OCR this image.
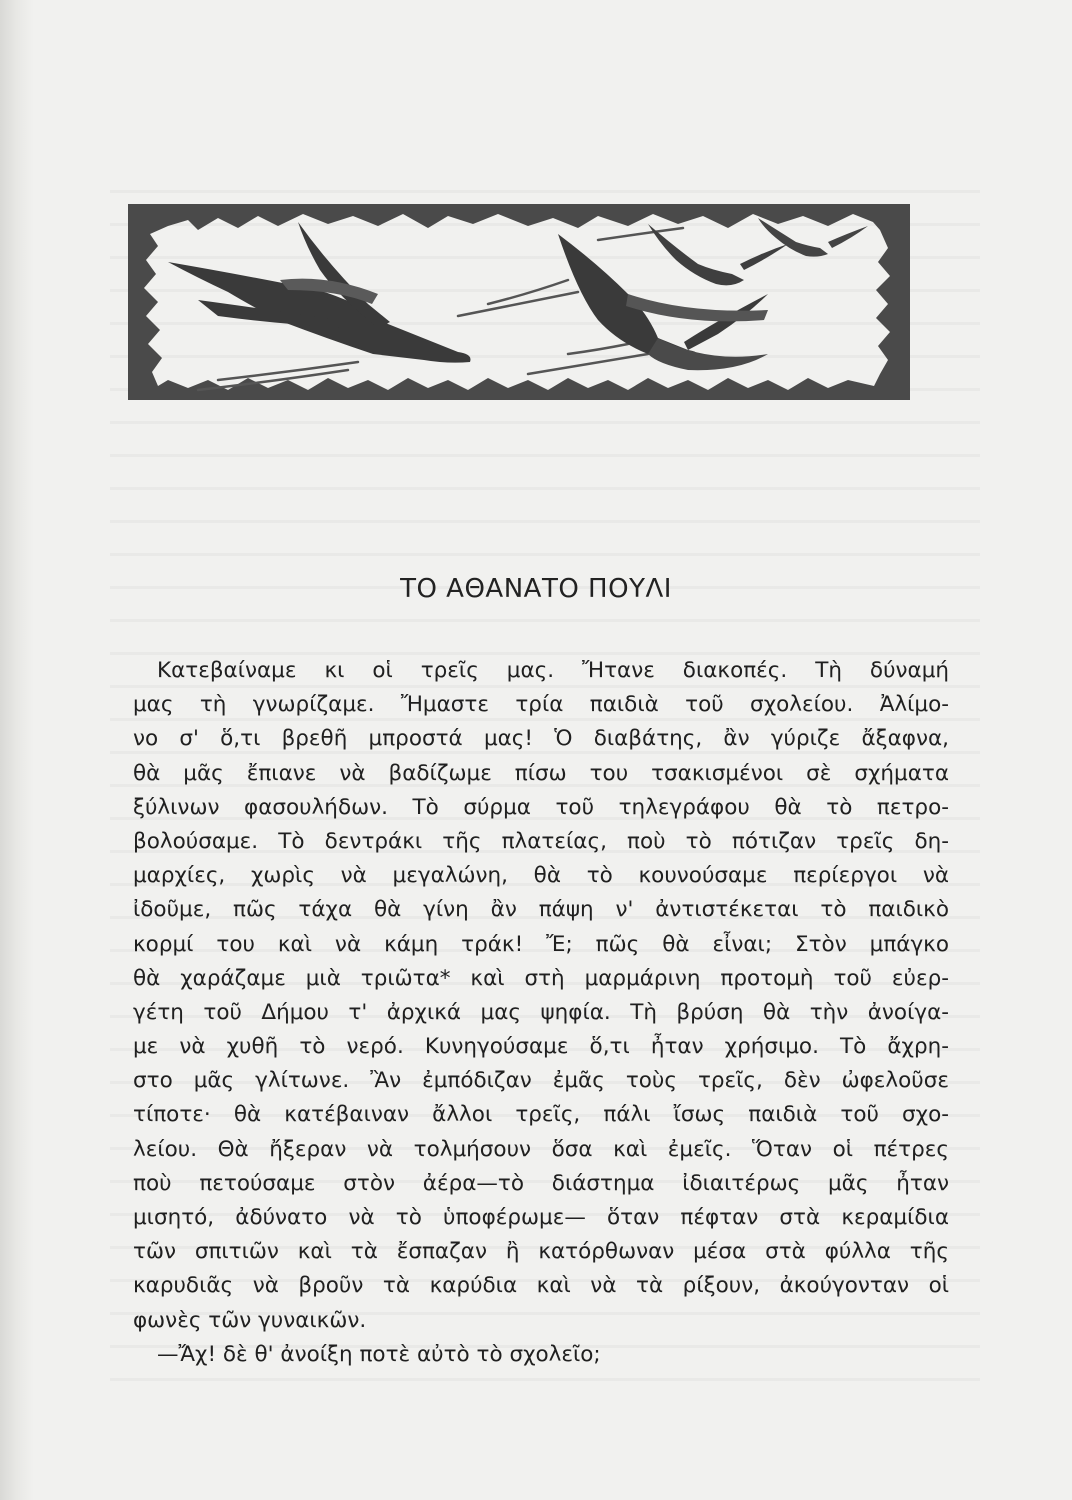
ΤΟ ΑΘΑΝΑΤΟ ΠΟΥΛΙ
Κατεβαίναμε κι οἱ τρεῖς μας. Ἤτανε διακοπές. Τὴ δύναμή
μας τὴ γνωρίζαμε. Ἤμαστε τρία παιδιὰ τοῦ σχολείου. Ἀλίμο-
νο σ' ὅ,τι βρεθῆ μπροστά μας! Ὁ διαβάτης, ἂν γύριζε ἄξαφνα,
θὰ μᾶς ἔπιανε νὰ βαδίζωμε πίσω του τσακισμένοι σὲ σχήματα
ξύλινων φασουλήδων. Τὸ σύρμα τοῦ τηλεγράφου θὰ τὸ πετρο-
βολούσαμε. Τὸ δεντράκι τῆς πλατείας, ποὺ τὸ πότιζαν τρεῖς δη-
μαρχίες, χωρὶς νὰ μεγαλώνη, θὰ τὸ κουνούσαμε περίεργοι νὰ
ἰδοῦμε, πῶς τάχα θὰ γίνη ἂν πάψη ν' ἀντιστέκεται τὸ παιδικὸ
κορμί του καὶ νὰ κάμη τράκ! Ἔ; πῶς θὰ εἶναι; Στὸν μπάγκο
θὰ χαράζαμε μιὰ τριῶτα* καὶ στὴ μαρμάρινη προτομὴ τοῦ εὐερ-
γέτη τοῦ Δήμου τ' ἀρχικά μας ψηφία. Τὴ βρύση θὰ τὴν ἀνοίγα-
με νὰ χυθῆ τὸ νερό. Κυνηγούσαμε ὅ,τι ἦταν χρήσιμο. Τὸ ἄχρη-
στο μᾶς γλίτωνε. Ἂν ἐμπόδιζαν ἐμᾶς τοὺς τρεῖς, δὲν ὠφελοῦσε
τίποτε· θὰ κατέβαιναν ἄλλοι τρεῖς, πάλι ἴσως παιδιὰ τοῦ σχο-
λείου. Θὰ ἤξεραν νὰ τολμήσουν ὅσα καὶ ἐμεῖς. Ὅταν οἱ πέτρες
ποὺ πετούσαμε στὸν ἀέρα—τὸ διάστημα ἰδιαιτέρως μᾶς ἦταν
μισητό, ἀδύνατο νὰ τὸ ὑποφέρωμε— ὅταν πέφταν στὰ κεραμίδια
τῶν σπιτιῶν καὶ τὰ ἔσπαζαν ἢ κατόρθωναν μέσα στὰ φύλλα τῆς
καρυδιᾶς νὰ βροῦν τὰ καρύδια καὶ νὰ τὰ ρίξουν, ἀκούγονταν οἱ
φωνὲς τῶν γυναικῶν.
—Ἄχ! δὲ θ' ἀνοίξη ποτὲ αὐτὸ τὸ σχολεῖο;
